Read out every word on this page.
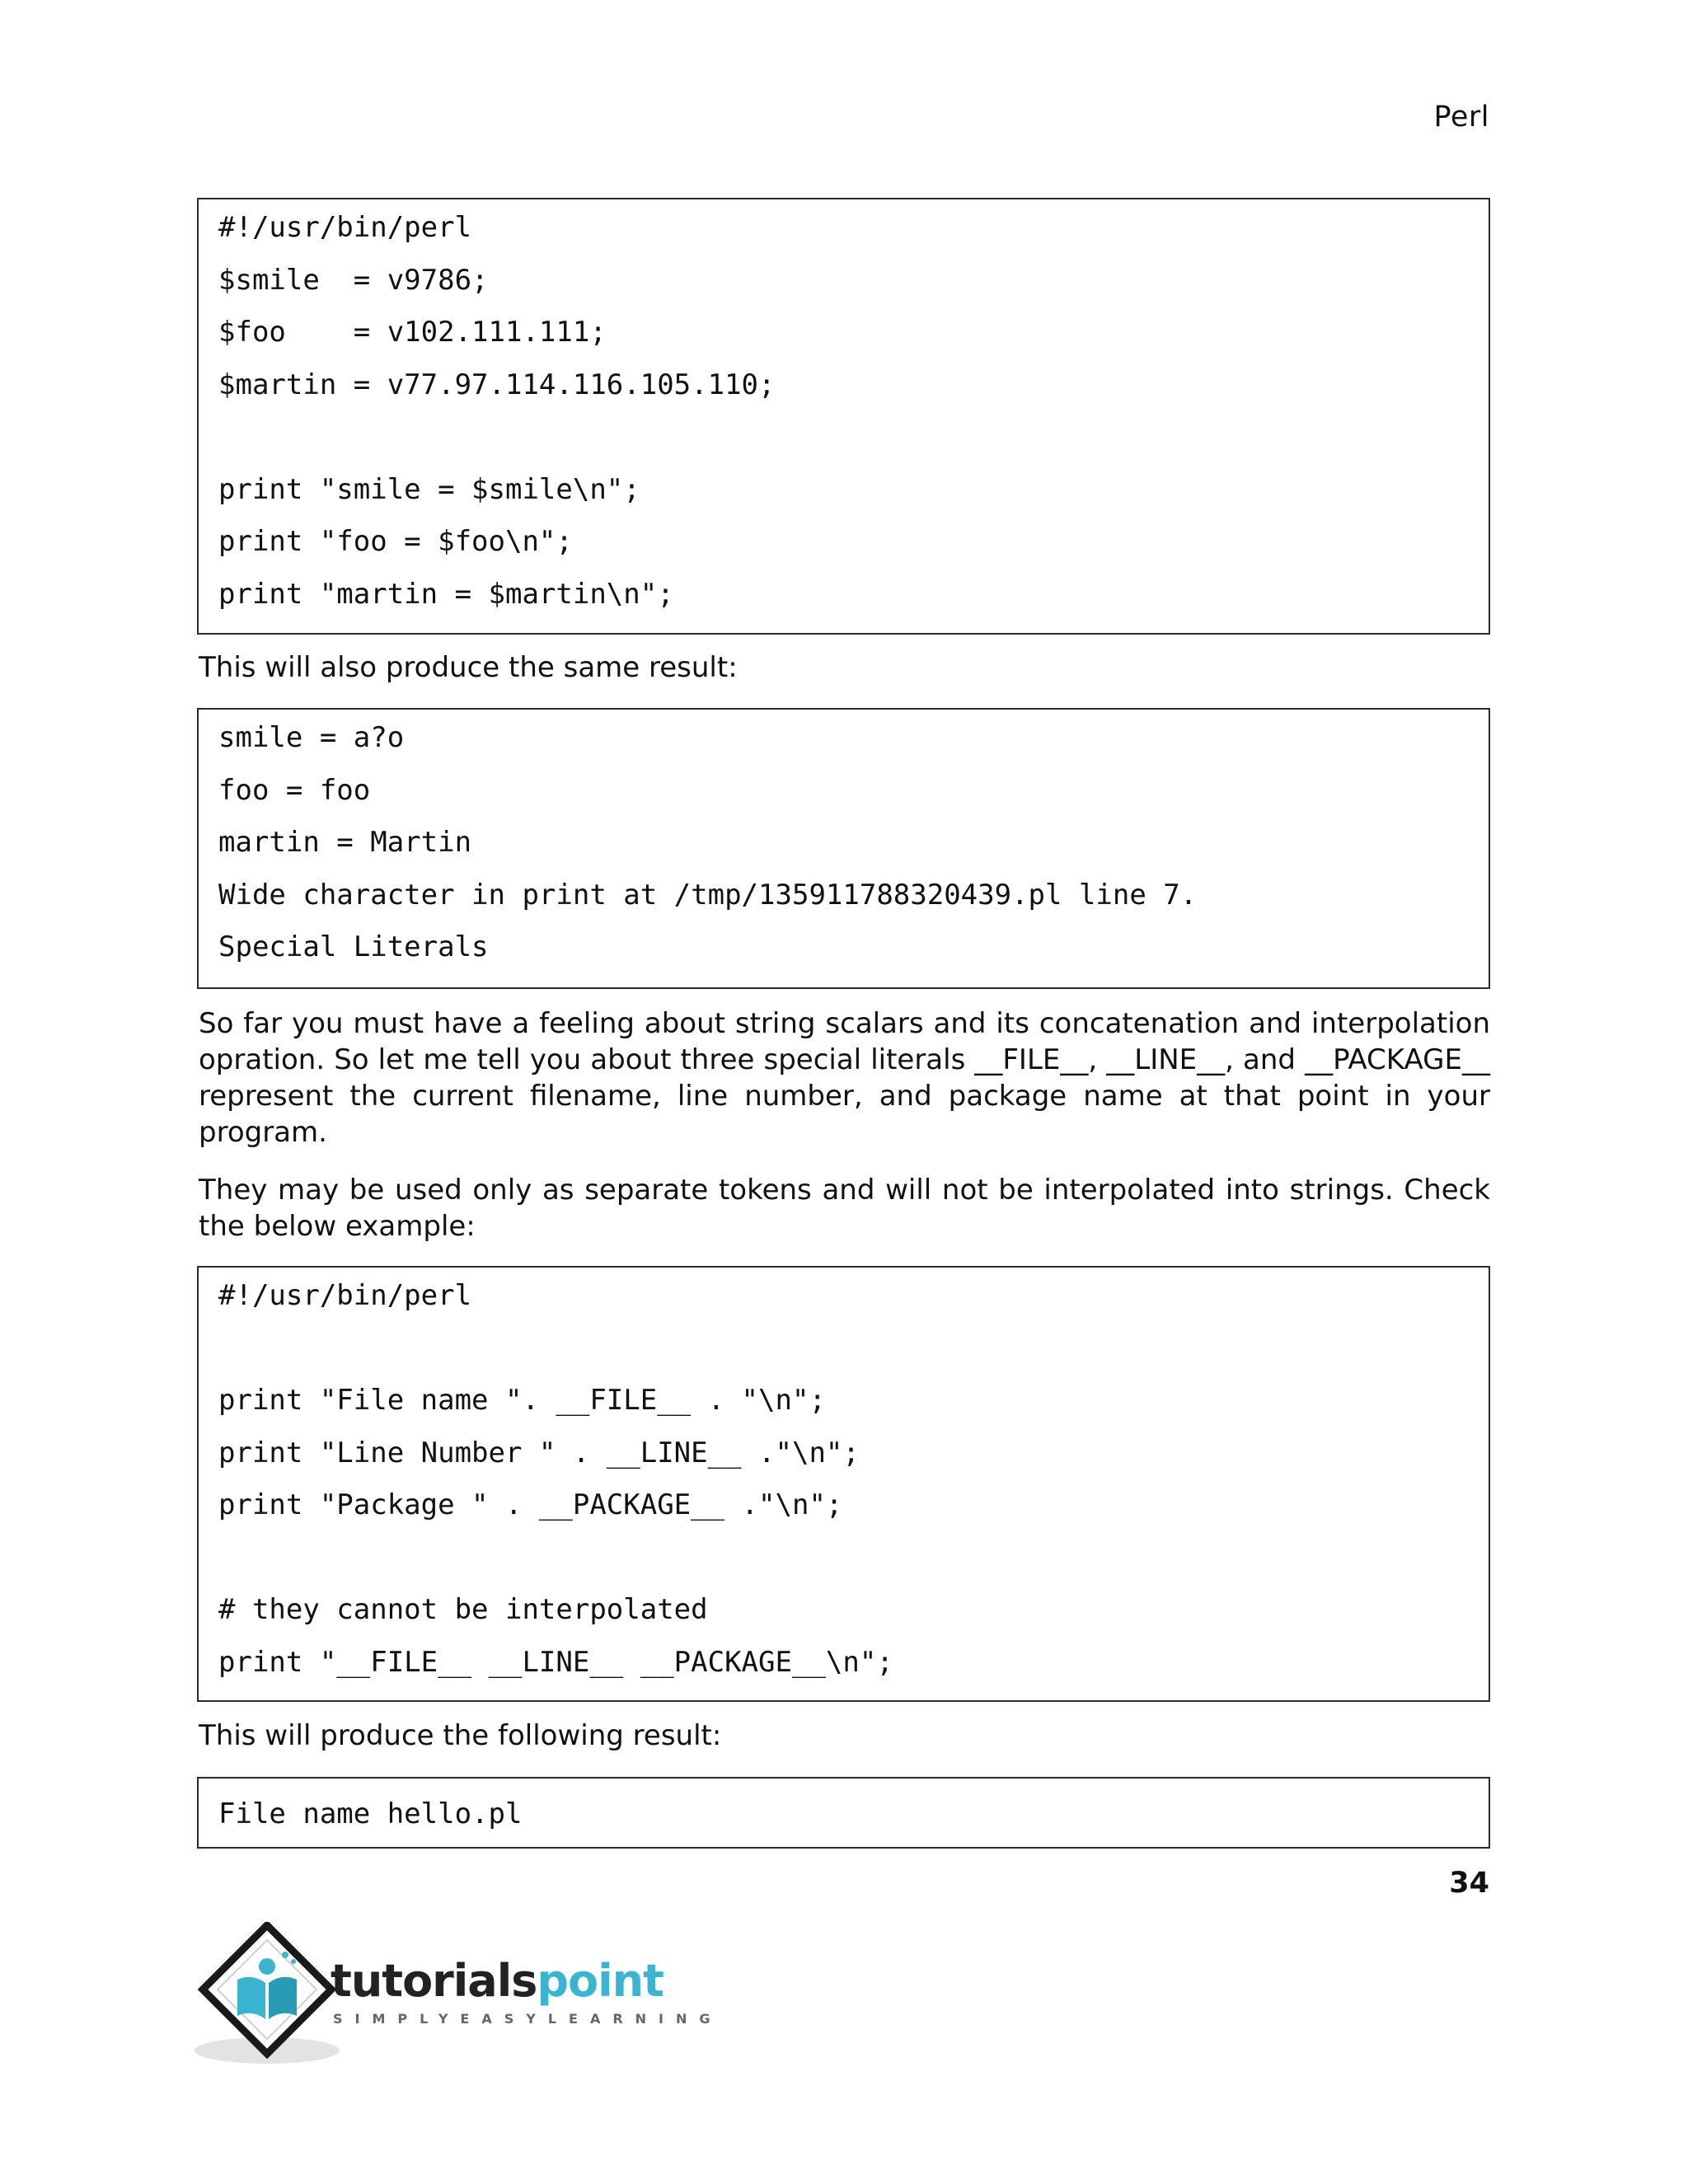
Perl
#!/usr/bin/perl
$smile  = v9786;
$foo    = v102.111.111;
$martin = v77.97.114.116.105.110;
print "smile = $smile\n";
print "foo = $foo\n";
print "martin = $martin\n";

This will also produce the same result:

smile = a?o
foo = foo
martin = Martin
Wide character in print at /tmp/135911788320439.pl line 7.
Special Literals

So far you must have a feeling about string scalars and its concatenation and interpolation opration. So let me tell you about three special literals __FILE__, __LINE__, and __PACKAGE__ represent the current filename, line number, and package name at that point in your program.

They may be used only as separate tokens and will not be interpolated into strings. Check the below example:

#!/usr/bin/perl
print "File name ". __FILE__ . "\n";
print "Line Number " . __LINE__ ."\n";
print "Package " . __PACKAGE__ ."\n";
# they cannot be interpolated
print "__FILE__ __LINE__ __PACKAGE__\n";

This will produce the following result:

File name hello.pl
34
tutorialspoint
SIMPLYEASYLEARNING
